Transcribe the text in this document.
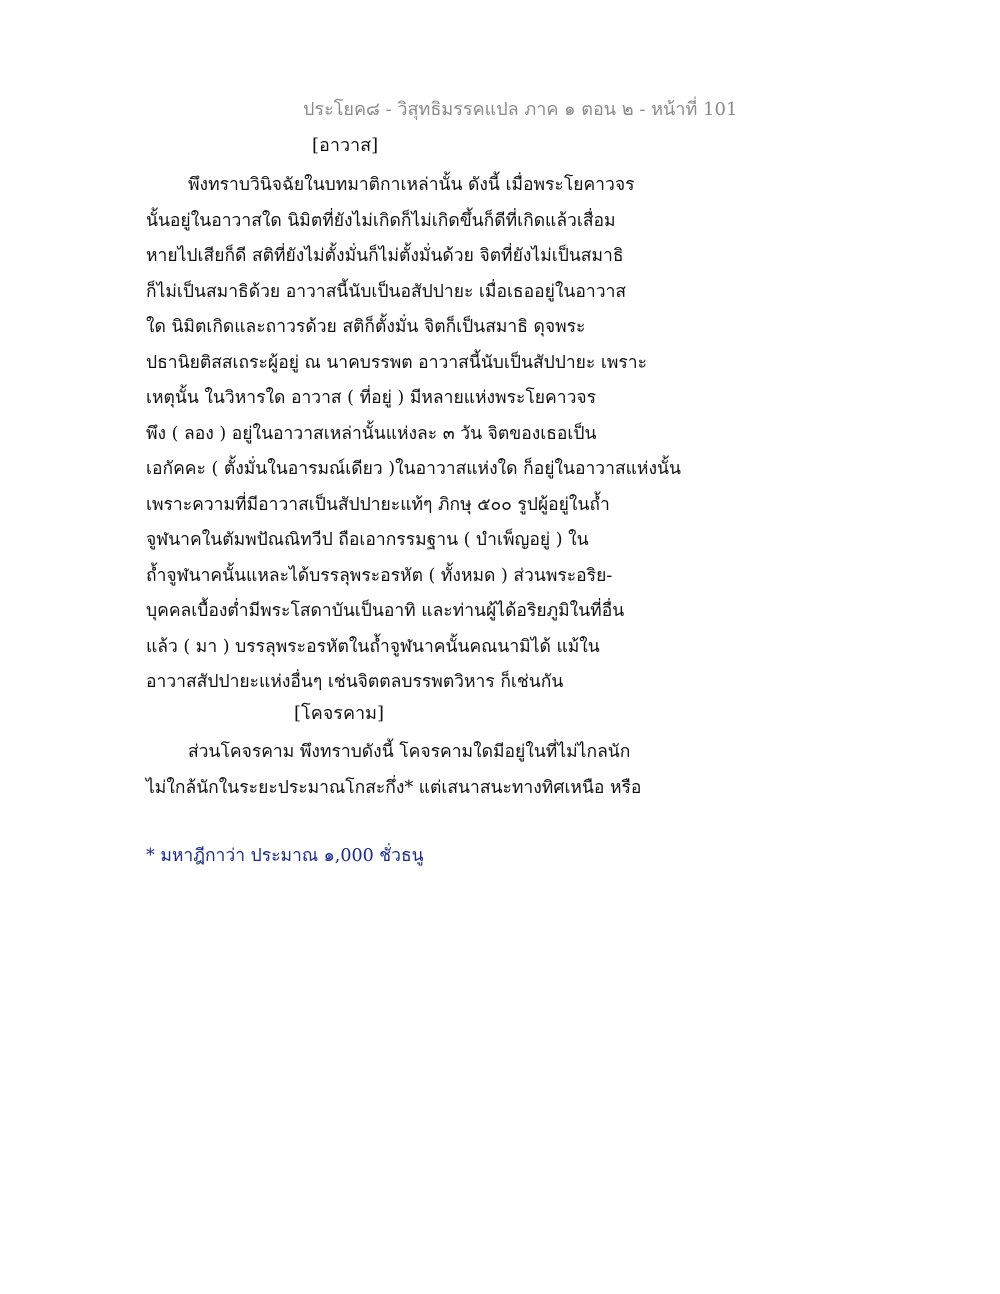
ประโยค๘ - วิสุทธิมรรคแปล ภาค ๑ ตอน ๒ - หน้าที่ 101
[อาวาส]
พึงทราบวินิจฉัยในบทมาติกาเหล่านั้น ดังนี้ เมื่อพระโยคาวจร
นั้นอยู่ในอาวาสใด นิมิตที่ยังไม่เกิดก็ไม่เกิดขึ้นก็ดีที่เกิดแล้วเสื่อม
หายไปเสียก็ดี สติที่ยังไม่ตั้งมั่นก็ไม่ตั้งมั่นด้วย จิตที่ยังไม่เป็นสมาธิ
ก็ไม่เป็นสมาธิด้วย อาวาสนี้นับเป็นอสัปปายะ เมื่อเธออยู่ในอาวาส
ใด นิมิตเกิดและถาวรด้วย สติก็ตั้งมั่น จิตก็เป็นสมาธิ ดุจพระ
ปธานิยติสสเถระผู้อยู่ ณ นาคบรรพต อาวาสนี้นับเป็นสัปปายะ เพราะ
เหตุนั้น ในวิหารใด อาวาส ( ที่อยู่ ) มีหลายแห่งพระโยคาวจร
พึง ( ลอง ) อยู่ในอาวาสเหล่านั้นแห่งละ ๓ วัน จิตของเธอเป็น
เอกัคคะ ( ตั้งมั่นในอารมณ์เดียว )ในอาวาสแห่งใด ก็อยู่ในอาวาสแห่งนั้น
เพราะความที่มีอาวาสเป็นสัปปายะแท้ๆ ภิกษุ ๕๐๐ รูปผู้อยู่ในถ้ำ
จูฬนาคในตัมพปัณณิทวีป ถือเอากรรมฐาน ( บำเพ็ญอยู่ ) ใน
ถ้ำจูฬนาคนั้นแหละได้บรรลุพระอรหัต ( ทั้งหมด ) ส่วนพระอริย-
บุคคลเบื้องต่ำมีพระโสดาบันเป็นอาทิ และท่านผู้ได้อริยภูมิในที่อื่น
แล้ว ( มา ) บรรลุพระอรหัตในถ้ำจูฬนาคนั้นคณนามิได้ แม้ใน
อาวาสสัปปายะแห่งอื่นๆ เช่นจิตตลบรรพตวิหาร ก็เช่นกัน
[โคจรคาม]
ส่วนโคจรคาม พึงทราบดังนี้ โคจรคามใดมีอยู่ในที่ไม่ไกลนัก
ไม่ใกล้นักในระยะประมาณโกสะกึ่ง* แต่เสนาสนะทางทิศเหนือ หรือ
* มหาฎีกาว่า ประมาณ ๑,000 ชั่วธนู
